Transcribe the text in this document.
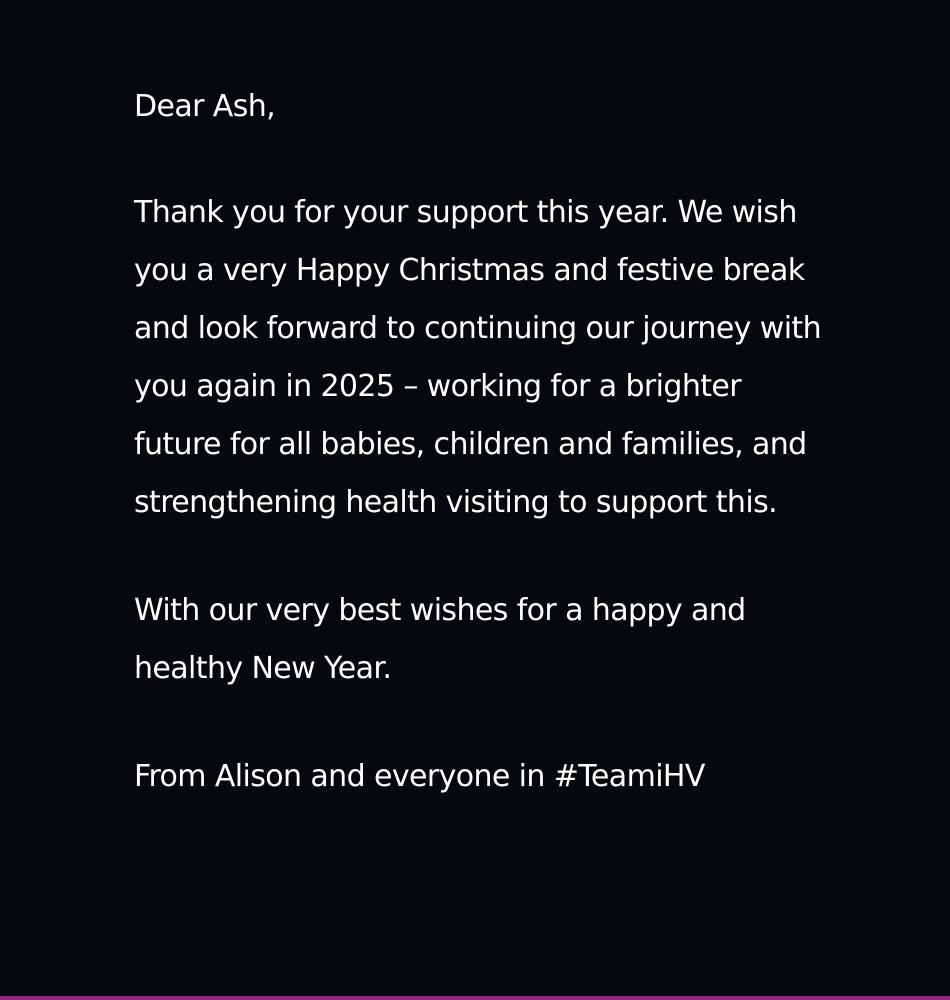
Dear Ash,

Thank you for your support this year. We wish you a very Happy Christmas and festive break and look forward to continuing our journey with you again in 2025 – working for a brighter future for all babies, children and families, and strengthening health visiting to support this.

With our very best wishes for a happy and healthy New Year.

From Alison and everyone in #TeamiHV
